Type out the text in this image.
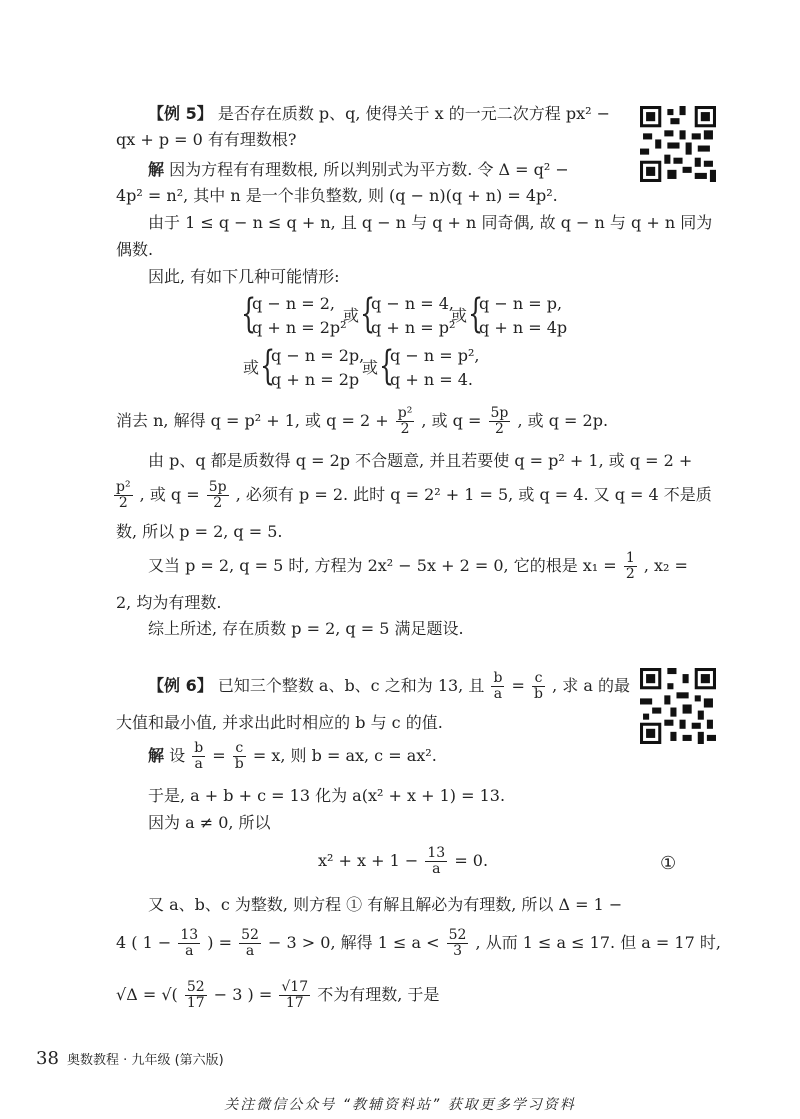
【例 5】 是否存在质数 p、q, 使得关于 x 的一元二次方程 px² −
qx + p = 0 有有理数根?
解 因为方程有有理数根, 所以判别式为平方数. 令 Δ = q² −
4p² = n², 其中 n 是一个非负整数, 则 (q − n)(q + n) = 4p².
由于 1 ≤ q − n ≤ q + n, 且 q − n 与 q + n 同奇偶, 故 q − n 与 q + n 同为
偶数.
因此, 有如下几种可能情形:
{
q − n = 2,
q + n = 2p²
或 {
q − n = 4,
q + n = p²
或 {
q − n = p,
q + n = 4p
或 {
q − n = 2p,
q + n = 2p
或 {
q − n = p²,
q + n = 4.
消去 n, 解得 q = p² + 1, 或 $q = 2 + \frac{\text{p²}}{2}$ , 或 $q = \frac{5p}{2}$ , 或 q = 2p.
由 p、q 都是质数得 q = 2p 不合题意, 并且若要使 q = p² + 1, 或 q = 2 +
$\frac{\text{p²}}{2}$ , 或 $q = \frac{5p}{2}$ , 必须有 p = 2. 此时 q = 2² + 1 = 5, 或 q = 4. 又 q = 4 不是质
数, 所以 p = 2, q = 5.
又当 p = 2, q = 5 时, 方程为 2x² − 5x + 2 = 0, 它的根是 $x_1 = \frac{1}{2}$ , x₂ =
2, 均为有理数.
综上所述, 存在质数 p = 2, q = 5 满足题设.
【例 6】 已知三个整数 a、b、c 之和为 13, 且 $\frac{b}{a} = \frac{c}{b}$ , 求 a 的最
大值和最小值, 并求出此时相应的 b 与 c 的值.
解 设 $\frac{b}{a} = \frac{c}{b} = x$, 则 b = ax, c = ax².
于是, a + b + c = 13 化为 a(x² + x + 1) = 13.
因为 a ≠ 0, 所以
$x^2 + x + 1 - \frac{13}{a} = 0$.	①
又 a、b、c 为整数, 则方程 ① 有解且解必为有理数, 所以 Δ = 1 −
4 ( $1 - \frac{13}{a}$ ) = $\frac{52}{a} - 3 > 0$, 解得 $1 \le a < \frac{52}{3}$ , 从而 1 ≤ a ≤ 17. 但 a = 17 时,
√Δ = √( $\frac{52}{17} - 3$ ) = $\frac{√17}{17}$ 不为有理数, 于是
38 奥数教程 · 九年级 (第六版)
关注微信公众号 “教辅资料站” 获取更多学习资料
